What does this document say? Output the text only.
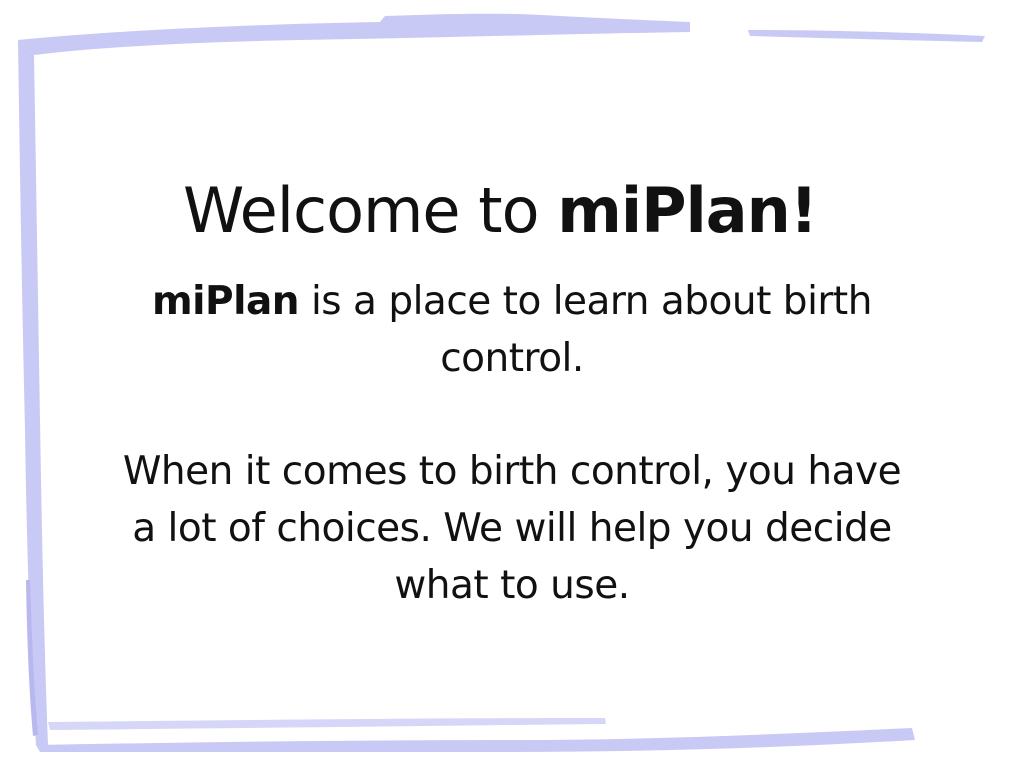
Welcome to miPlan!
miPlan is a place to learn about birth
control.
When it comes to birth control, you have
a lot of choices. We will help you decide
what to use.
